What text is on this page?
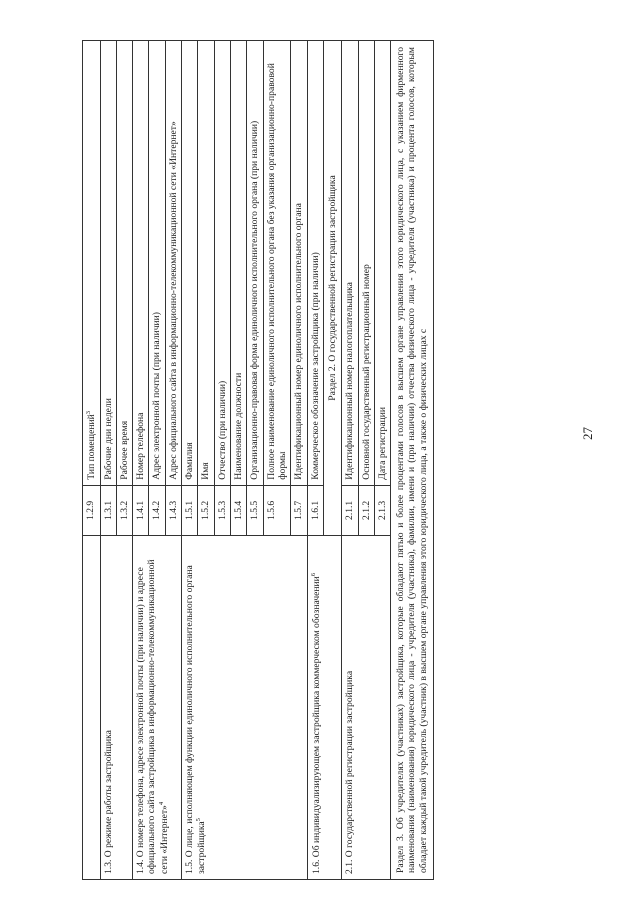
27
	1.2.9	Тип помещений$^3$
1.3. О режиме работы застройщика	1.3.1	Рабочие дни недели
	1.3.2	Рабочее время
1.4. О номере телефона, адресе электронной почты (при наличии) и адресе официального сайта застройщика в информационно-телекоммуникационной сети «Интернет»$^4$	1.4.1	Номер телефона
	1.4.2	Адрес электронной почты (при наличии)
	1.4.3	Адрес официального сайта в информационно-телекоммуникационной сети «Интернет»
1.5. О лице, исполняющем функции единоличного исполнительного органа застройщика$^5$	1.5.1	Фамилия
	1.5.2	Имя
	1.5.3	Отчество (при наличии)
	1.5.4	Наименование должности
	1.5.5	Организационно-правовая форма единоличного исполнительного органа (при наличии)
	1.5.6	Полное наименование единоличного исполнительного органа без указания организационно-правовой формы
	1.5.7	Идентификационный номер единоличного исполнительного органа
1.6. Об индивидуализирующем застройщика коммерческом обозначении$^6$	1.6.1	Коммерческое обозначение застройщика (при наличии)
	Раздел 2. О государственной регистрации застройщика	
2.1. О государственной регистрации застройщика	2.1.1	Идентификационный номер налогоплательщика
	2.1.2	Основной государственный регистрационный номер
	2.1.3	Дата регистрации
Раздел 3. Об учредителях (участниках) застройщика, которые обладают пятью и более процентами голосов в высшем органе управления этого юридического лица, с указанием фирменного наименования (наименования) юридического лица - учредителя (участника), фамилии, имени и (при наличии) отчества физического лица - учредителя (участника) и процента голосов, которым обладает каждый такой учредитель (участник) в высшем органе управления этого юридического лица, а также о физических лицах с		
